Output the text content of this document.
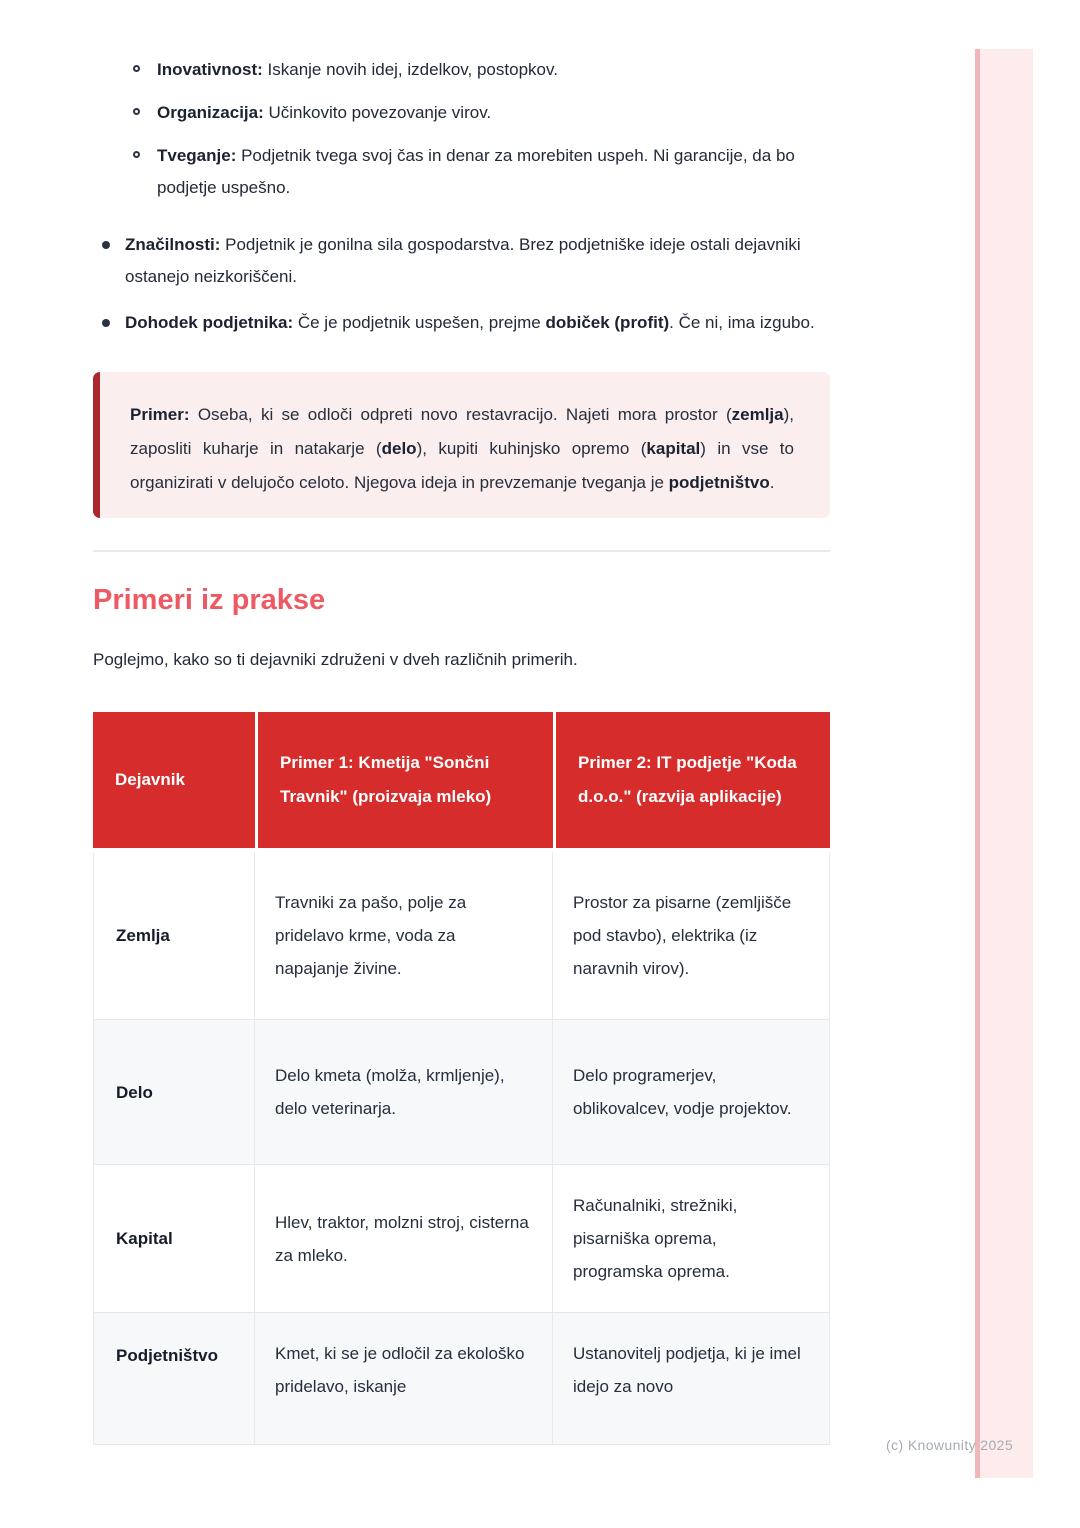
Inovativnost: Iskanje novih idej, izdelkov, postopkov.
Organizacija: Učinkovito povezovanje virov.
Tveganje: Podjetnik tvega svoj čas in denar za morebiten uspeh. Ni garancije, da bo podjetje uspešno.
Značilnosti: Podjetnik je gonilna sila gospodarstva. Brez podjetniške ideje ostali dejavniki ostanejo neizkoriščeni.
Dohodek podjetnika: Če je podjetnik uspešen, prejme dobiček (profit). Če ni, ima izgubo.
Primer: Oseba, ki se odloči odpreti novo restavracijo. Najeti mora prostor (zemlja), zaposliti kuharje in natakarje (delo), kupiti kuhinjsko opremo (kapital) in vse to organizirati v delujočo celoto. Njegova ideja in prevzemanje tveganja je podjetništvo.
Primeri iz prakse

Poglejmo, kako so ti dejavniki združeni v dveh različnih primerih.

Dejavnik	Primer 1: Kmetija "Sončni Travnik" (proizvaja mleko)	Primer 2: IT podjetje "Koda d.o.o." (razvija aplikacije)
Zemlja	Travniki za pašo, polje za pridelavo krme, voda za napajanje živine.	Prostor za pisarne (zemljišče pod stavbo), elektrika (iz naravnih virov).
Delo	Delo kmeta (molža, krmljenje), delo veterinarja.	Delo programerjev, oblikovalcev, vodje projektov.
Kapital	Hlev, traktor, molzni stroj, cisterna za mleko.	Računalniki, strežniki, pisarniška oprema, programska oprema.
Podjetništvo	Kmet, ki se je odločil za ekološko pridelavo, iskanje	Ustanovitelj podjetja, ki je imel idejo za novo
(c) Knowunity 2025
